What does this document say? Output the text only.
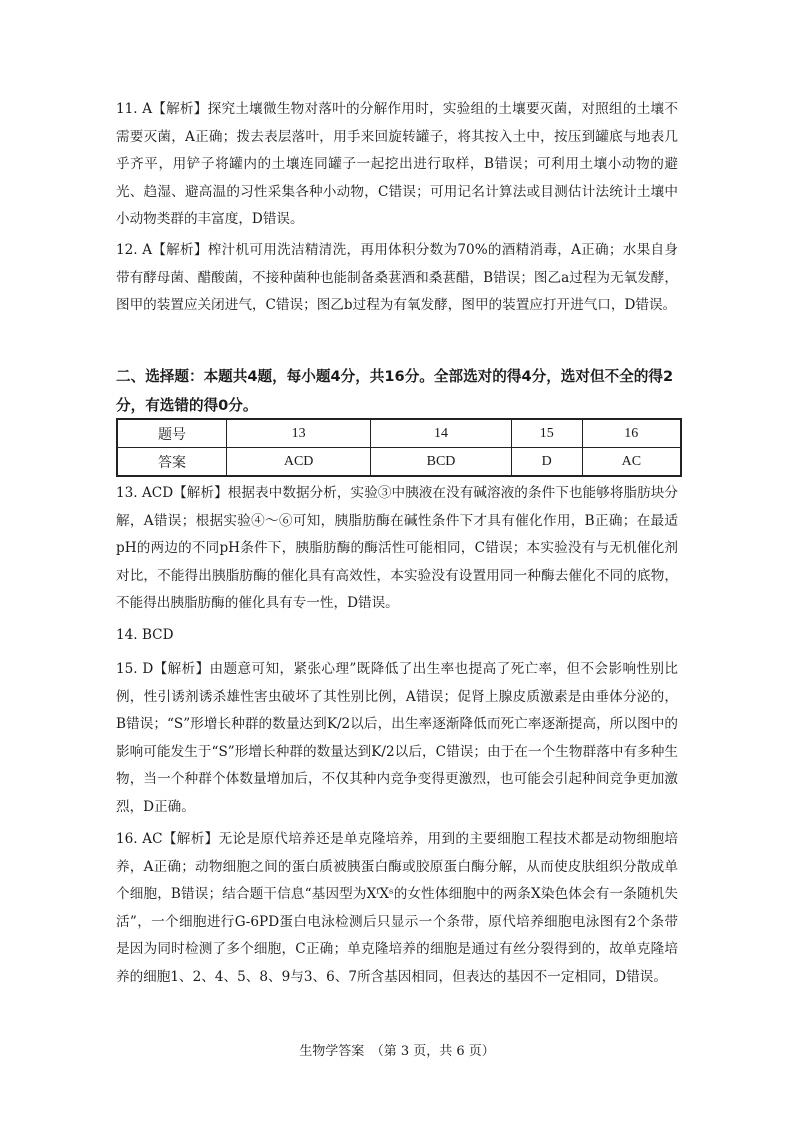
11. A【解析】探究土壤微生物对落叶的分解作用时，实验组的土壤要灭菌，对照组的土壤不需要灭菌，A正确；拨去表层落叶，用手来回旋转罐子，将其按入土中，按压到罐底与地表几乎齐平，用铲子将罐内的土壤连同罐子一起挖出进行取样，B错误；可利用土壤小动物的避光、趋湿、避高温的习性采集各种小动物，C错误；可用记名计算法或目测估计法统计土壤中小动物类群的丰富度，D错误。
12. A【解析】榨汁机可用洗洁精清洗，再用体积分数为70%的酒精消毒，A正确；水果自身带有酵母菌、醋酸菌，不接种菌种也能制备桑葚酒和桑葚醋，B错误；图乙a过程为无氧发酵，图甲的装置应关闭进气，C错误；图乙b过程为有氧发酵，图甲的装置应打开进气口，D错误。
二、选择题：本题共4题，每小题4分，共16分。全部选对的得4分，选对但不全的得2分，有选错的得0分。
题号	13	14	15	16
答案	ACD	BCD	D	AC
13. ACD【解析】根据表中数据分析，实验③中胰液在没有碱溶液的条件下也能够将脂肪块分解，A错误；根据实验④～⑥可知，胰脂肪酶在碱性条件下才具有催化作用，B正确；在最适pH的两边的不同pH条件下，胰脂肪酶的酶活性可能相同，C错误；本实验没有与无机催化剂对比，不能得出胰脂肪酶的催化具有高效性，本实验没有设置用同一种酶去催化不同的底物，不能得出胰脂肪酶的催化具有专一性，D错误。
14. BCD
15. D【解析】由题意可知，紧张心理”既降低了出生率也提高了死亡率，但不会影响性别比例，性引诱剂诱杀雄性害虫破坏了其性别比例，A错误；促肾上腺皮质激素是由垂体分泌的，B错误；“S”形增长种群的数量达到K/2以后，出生率逐渐降低而死亡率逐渐提高，所以图中的影响可能发生于“S”形增长种群的数量达到K/2以后，C错误；由于在一个生物群落中有多种生物，当一个种群个体数量增加后，不仅其种内竞争变得更激烈，也可能会引起种间竞争更加激烈，D正确。
16. AC【解析】无论是原代培养还是单克隆培养，用到的主要细胞工程技术都是动物细胞培养，A正确；动物细胞之间的蛋白质被胰蛋白酶或胶原蛋白酶分解，从而使皮肤组织分散成单个细胞，B错误；结合题干信息“基因型为XᶠXˢ的女性体细胞中的两条X染色体会有一条随机失活”，一个细胞进行G-6PD蛋白电泳检测后只显示一个条带，原代培养细胞电泳图有2个条带是因为同时检测了多个细胞，C正确；单克隆培养的细胞是通过有丝分裂得到的，故单克隆培养的细胞1、2、4、5、8、9与3、6、7所含基因相同，但表达的基因不一定相同，D错误。
生物学答案　（第 3 页，共 6 页）
